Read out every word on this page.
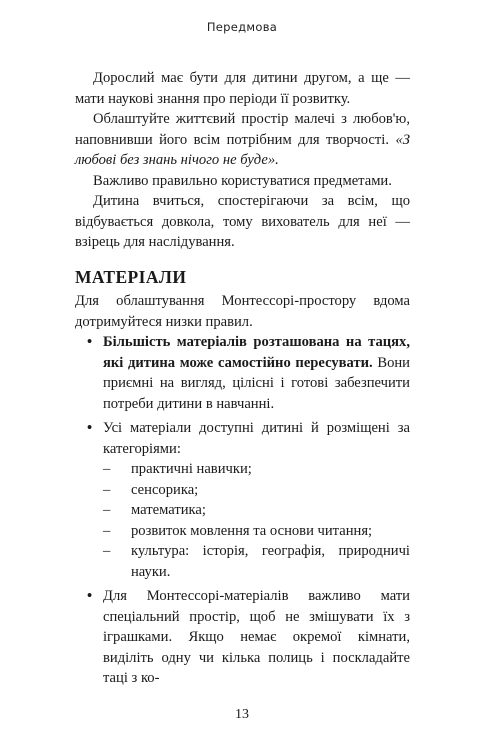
Передмова

Дорослий має бути для дитини другом, а ще — мати наукові знання про періоди її розвитку.

Облаштуйте життєвий простір малечі з любов'ю, наповнивши його всім потрібним для творчості. «З любові без знань нічого не буде».

Важливо правильно користуватися предметами.

Дитина вчиться, спостерігаючи за всім, що відбувається довкола, тому вихователь для неї — взірець для наслідування.

МАТЕРІАЛИ

Для облаштування Монтессорі-простору вдома дотримуйтеся низки правил.

• Більшість матеріалів розташована на тацях, які дитина може самостійно пересувати. Вони приємні на вигляд, цілісні і готові забезпечити потреби дитини в навчанні.
• Усі матеріали доступні дитині й розміщені за категоріями:
– практичні навички;
– сенсорика;
– математика;
– розвиток мовлення та основи читання;
– культура: історія, географія, природничі науки.
• Для Монтессорі-матеріалів важливо мати спеціальний простір, щоб не змішувати їх з іграшками. Якщо немає окремої кімнати, виділіть одну чи кілька полиць і поскладайте таці з ко-
13
